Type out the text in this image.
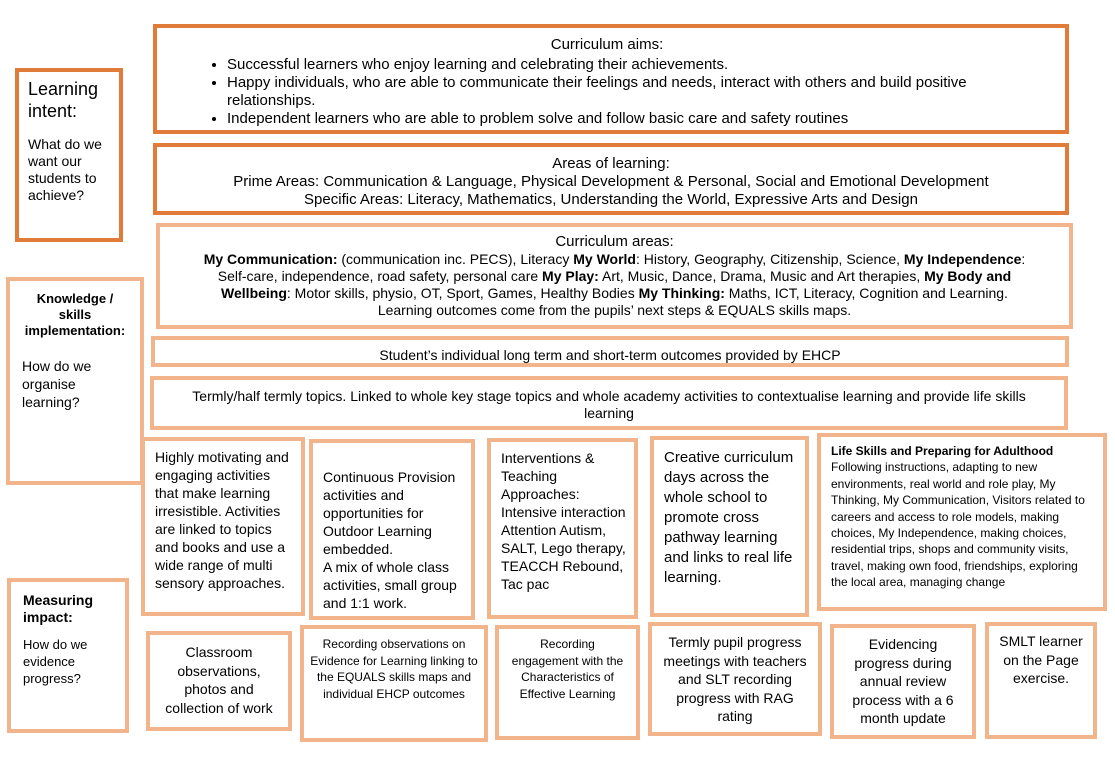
Learning intent:
What do we want our students to achieve?
Knowledge / skills implementation:
How do we organise learning?
Measuring impact:
How do we evidence progress?
Curriculum aims:
• Successful learners who enjoy learning and celebrating their achievements.
• Happy individuals, who are able to communicate their feelings and needs, interact with others and build positive relationships.
• Independent learners who are able to problem solve and follow basic care and safety routines
Areas of learning:
Prime Areas: Communication & Language, Physical Development & Personal, Social and Emotional Development
Specific Areas: Literacy, Mathematics, Understanding the World, Expressive Arts and Design
Curriculum areas:
My Communication: (communication inc. PECS), Literacy My World: History, Geography, Citizenship, Science, My Independence: Self-care, independence, road safety, personal care My Play: Art, Music, Dance, Drama, Music and Art therapies, My Body and Wellbeing: Motor skills, physio, OT, Sport, Games, Healthy Bodies My Thinking: Maths, ICT, Literacy, Cognition and Learning. Learning outcomes come from the pupils’ next steps & EQUALS skills maps.
Student’s individual long term and short-term outcomes provided by EHCP
Termly/half termly topics. Linked to whole key stage topics and whole academy activities to contextualise learning and provide life skills learning
Highly motivating and engaging activities that make learning irresistible. Activities are linked to topics and books and use a wide range of multi sensory approaches.

Continuous Provision activities and opportunities for Outdoor Learning embedded.
A mix of whole class activities, small group and 1:1 work.

Interventions & Teaching Approaches: Intensive interaction Attention Autism, SALT, Lego therapy, TEACCH Rebound, Tac pac
Creative curriculum days across the whole school to promote cross pathway learning and links to real life learning.
Life Skills and Preparing for Adulthood
Following instructions, adapting to new environments, real world and role play, My Thinking, My Communication, Visitors related to careers and access to role models, making choices, My Independence, making choices, residential trips, shops and community visits, travel, making own food, friendships, exploring the local area, managing change
Classroom observations, photos and collection of work
Recording observations on Evidence for Learning linking to the EQUALS skills maps and individual EHCP outcomes
Recording engagement with the Characteristics of Effective Learning
Termly pupil progress meetings with teachers and SLT recording progress with RAG rating
Evidencing progress during annual review process with a 6 month update
SMLT learner on the Page exercise.
